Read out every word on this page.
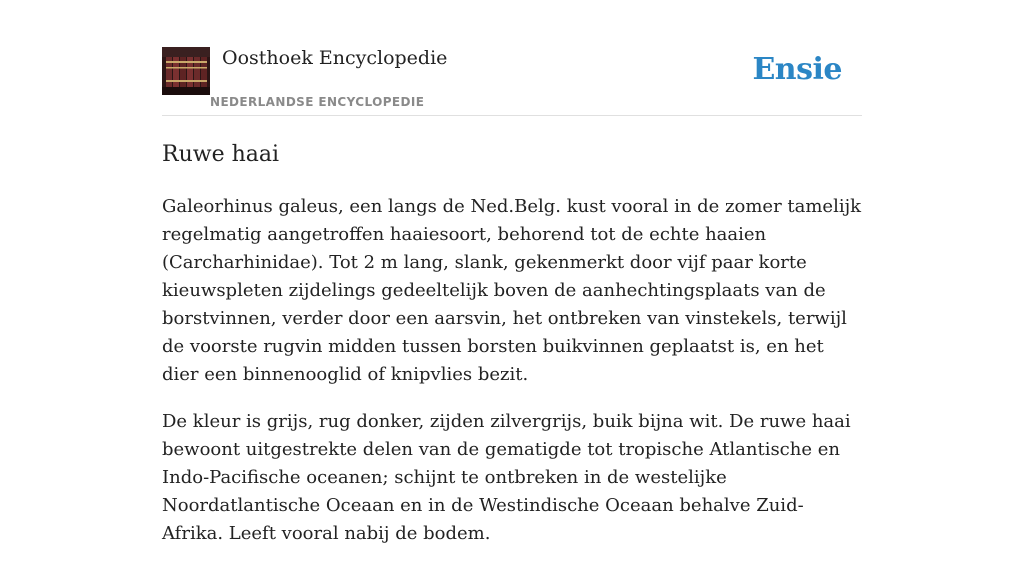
Oosthoek Encyclopedie
NEDERLANDSE ENCYCLOPEDIE
Ensie
Ruwe haai

Galeorhinus galeus, een langs de Ned.Belg. kust vooral in de zomer tamelijk regelmatig aangetroffen haaiesoort, behorend tot de echte haaien (Carcharhinidae). Tot 2 m lang, slank, gekenmerkt door vijf paar korte kieuwspleten zijdelings gedeeltelijk boven de aanhechtingsplaats van de borstvinnen, verder door een aarsvin, het ontbreken van vinstekels, terwijl de voorste rugvin midden tussen borsten buikvinnen geplaatst is, en het dier een binnenooglid of knipvlies bezit.

De kleur is grijs, rug donker, zijden zilvergrijs, buik bijna wit. De ruwe haai bewoont uitgestrekte delen van de gematigde tot tropische Atlantische en Indo-Pacifische oceanen; schijnt te ontbreken in de westelijke Noordatlantische Oceaan en in de Westindische Oceaan behalve Zuid-Afrika. Leeft vooral nabij de bodem.
